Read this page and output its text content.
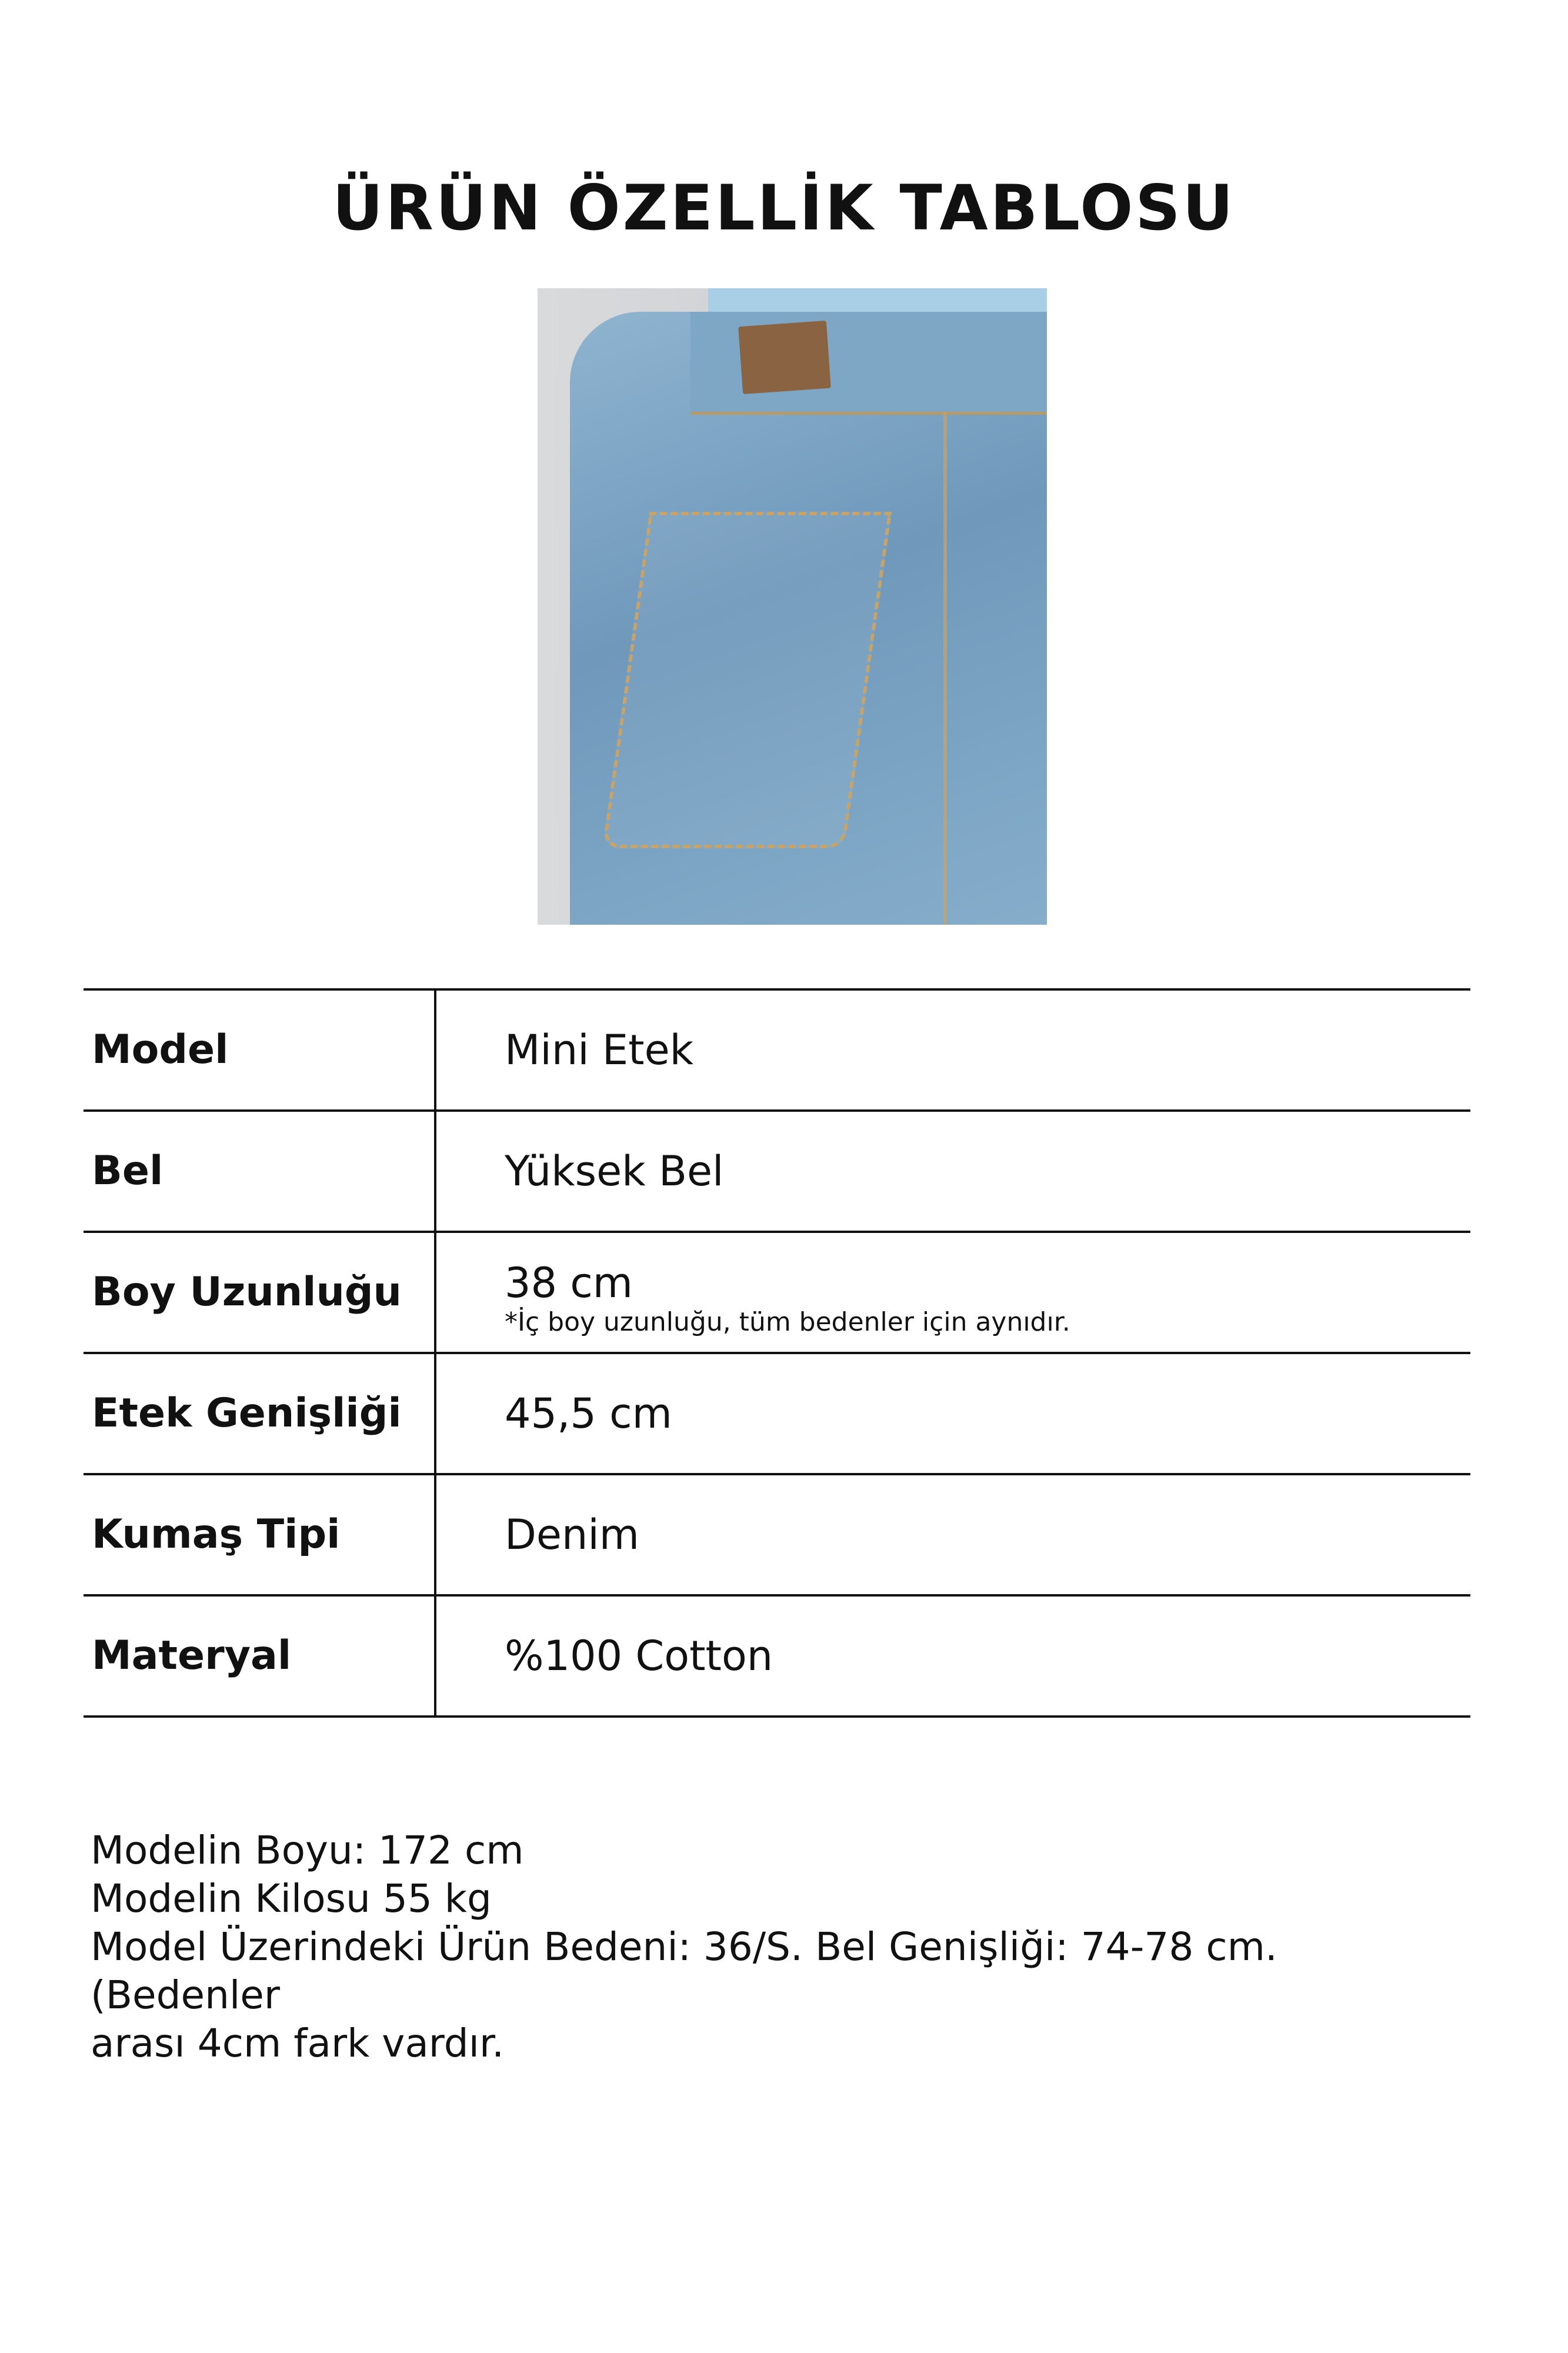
ÜRÜN ÖZELLİK TABLOSU
Model	Mini Etek
Bel	Yüksek Bel
Boy Uzunluğu	38 cm
*İç boy uzunluğu, tüm bedenler için aynıdır.
Etek Genişliği	45,5 cm
Kumaş Tipi	Denim
Materyal	%100 Cotton
Modelin Boyu: 172 cm
Modelin Kilosu 55 kg
Model Üzerindeki Ürün Bedeni: 36/S. Bel Genişliği: 74-78 cm. (Bedenler
arası 4cm fark vardır.
